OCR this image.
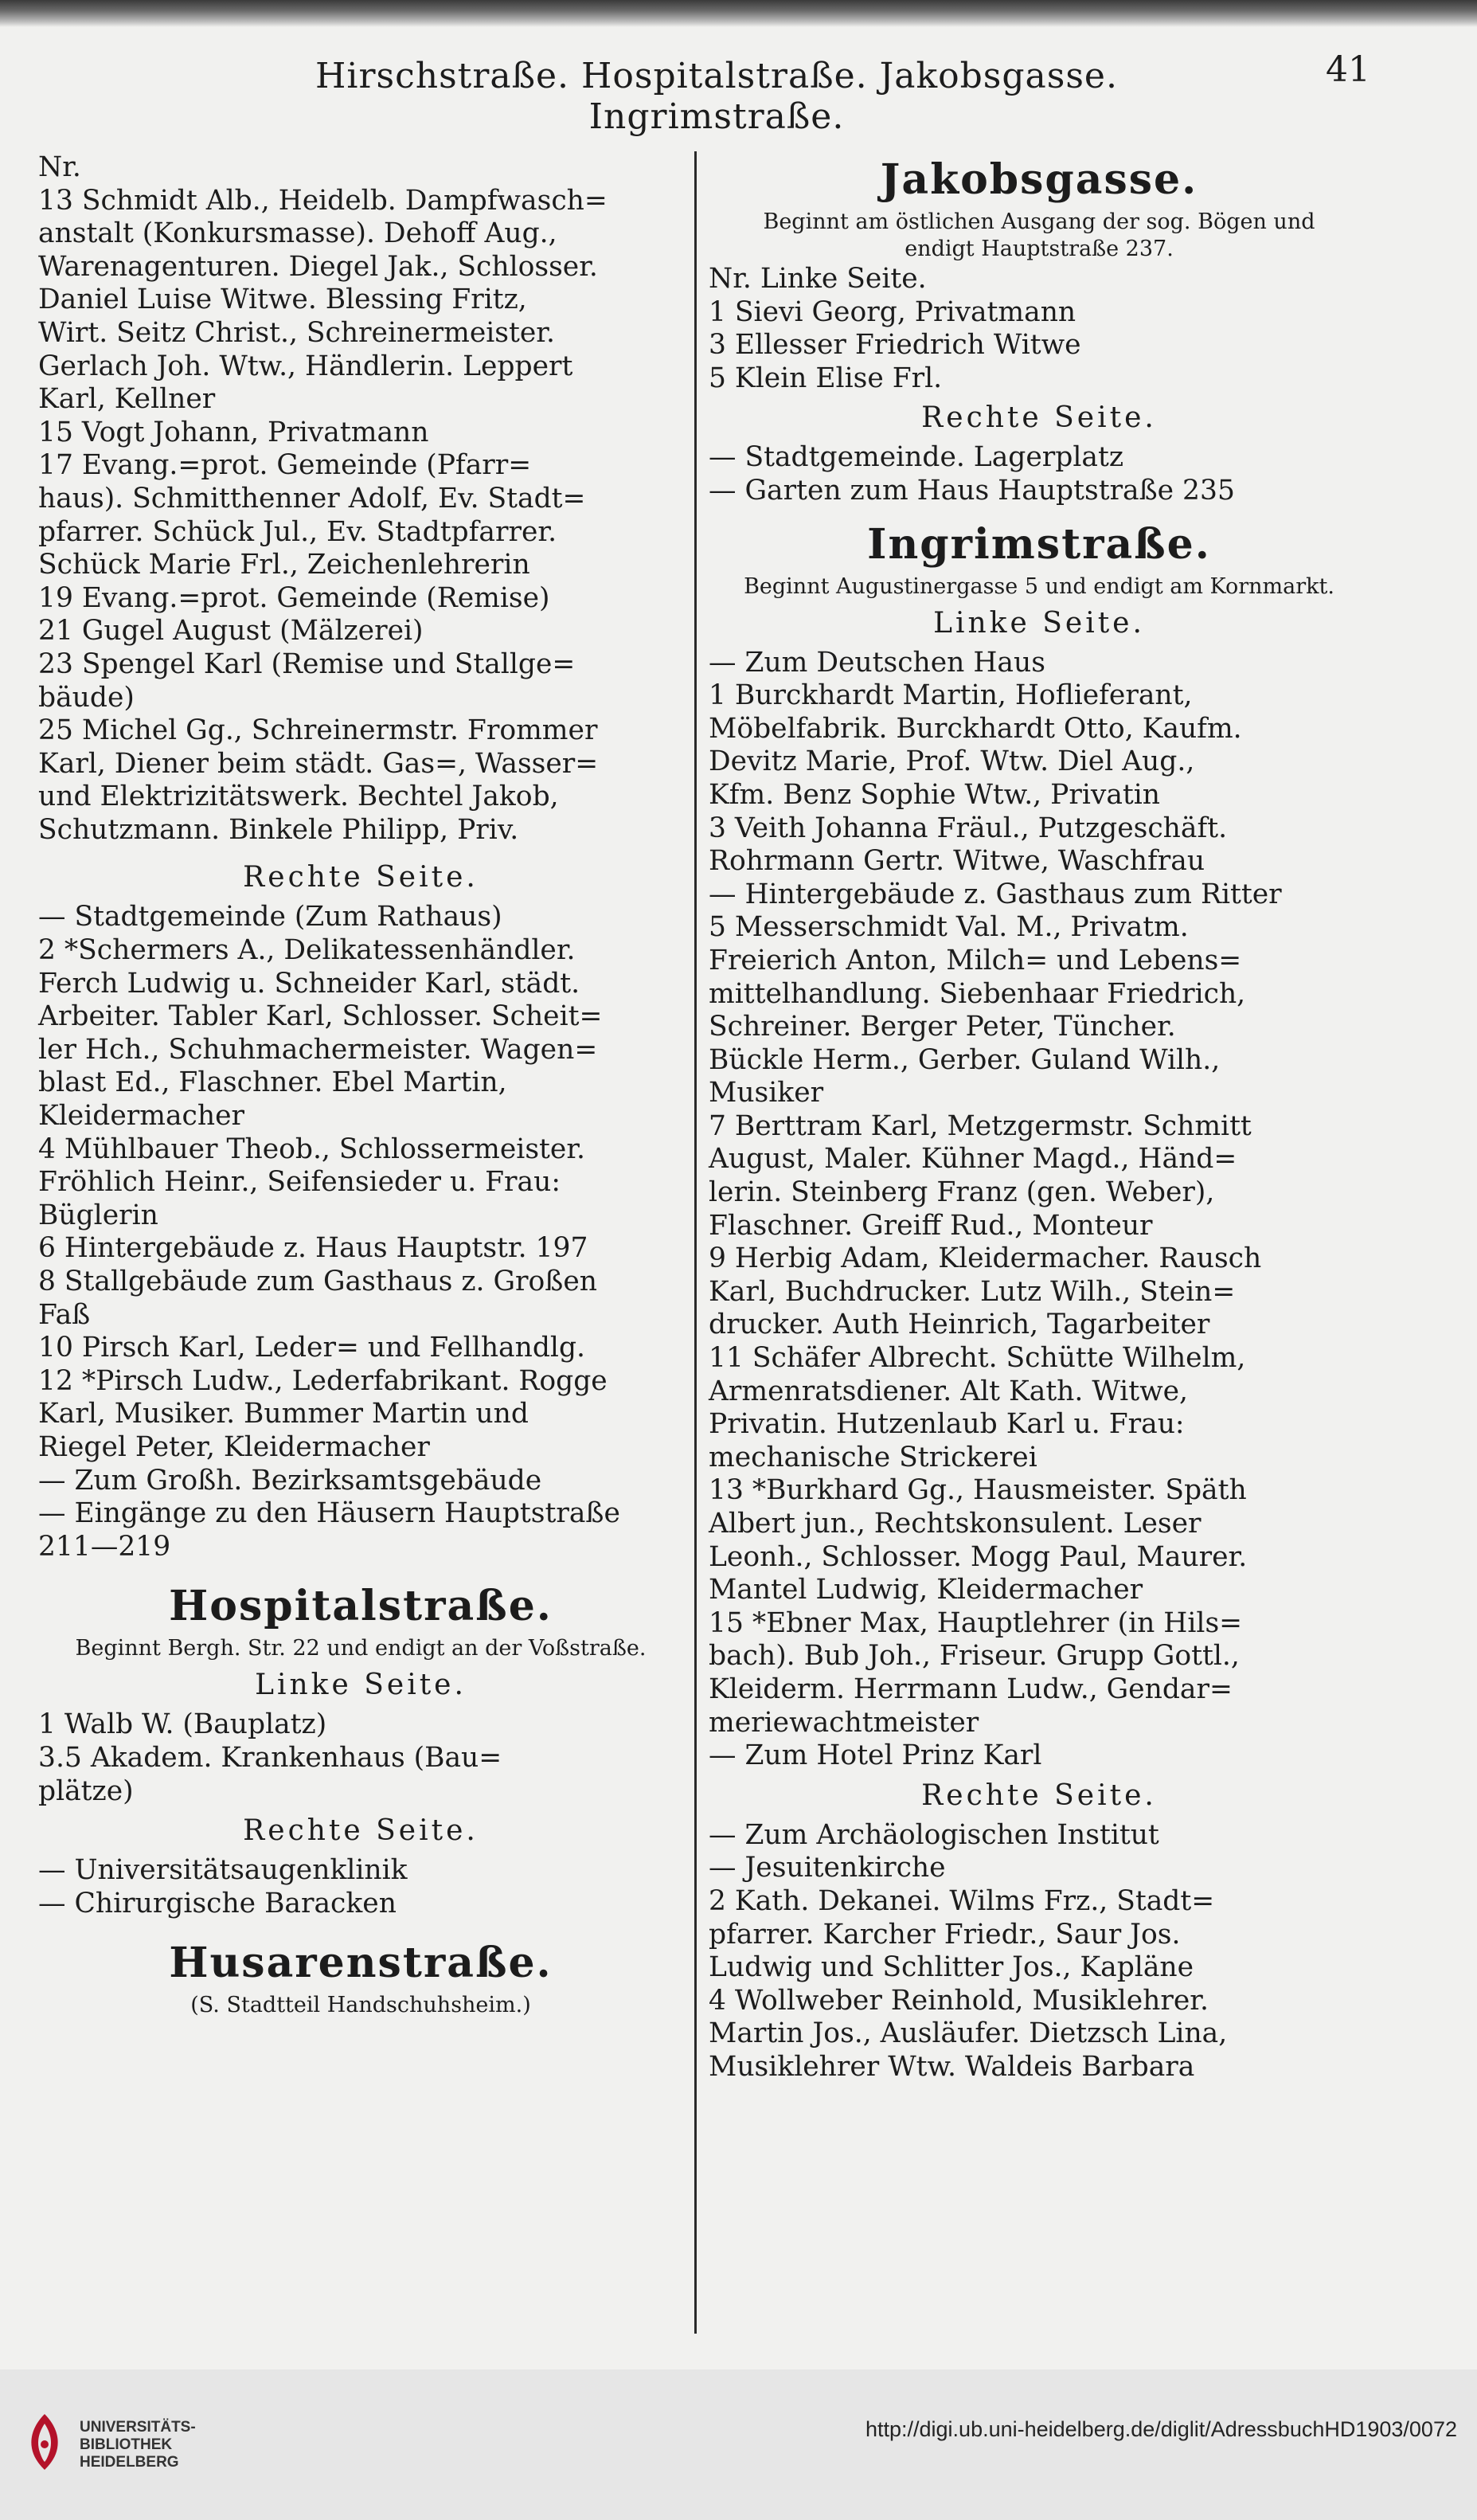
Hirschstraße. Hospitalstraße. Jakobsgasse. Ingrimstraße.
41
Nr.
13 Schmidt Alb., Heidelb. Dampfwasch=
anstalt (Konkursmasse). Dehoff Aug.,
Warenagenturen. Diegel Jak., Schlosser.
Daniel Luise Witwe. Blessing Fritz,
Wirt. Seitz Christ., Schreinermeister.
Gerlach Joh. Wtw., Händlerin. Leppert
Karl, Kellner
15 Vogt Johann, Privatmann
17 Evang.=prot. Gemeinde (Pfarr=
haus). Schmitthenner Adolf, Ev. Stadt=
pfarrer. Schück Jul., Ev. Stadtpfarrer.
Schück Marie Frl., Zeichenlehrerin
19 Evang.=prot. Gemeinde (Remise)
21 Gugel August (Mälzerei)
23 Spengel Karl (Remise und Stallge=
bäude)
25 Michel Gg., Schreinermstr. Frommer
Karl, Diener beim städt. Gas=, Wasser=
und Elektrizitätswerk. Bechtel Jakob,
Schutzmann. Binkele Philipp, Priv.
Rechte Seite.
— Stadtgemeinde (Zum Rathaus)
2 *Schermers A., Delikatessenhändler.
Ferch Ludwig u. Schneider Karl, städt.
Arbeiter. Tabler Karl, Schlosser. Scheit=
ler Hch., Schuhmachermeister. Wagen=
blast Ed., Flaschner. Ebel Martin,
Kleidermacher
4 Mühlbauer Theob., Schlossermeister.
Fröhlich Heinr., Seifensieder u. Frau:
Büglerin
6 Hintergebäude z. Haus Hauptstr. 197
8 Stallgebäude zum Gasthaus z. Großen
Faß
10 Pirsch Karl, Leder= und Fellhandlg.
12 *Pirsch Ludw., Lederfabrikant. Rogge
Karl, Musiker. Bummer Martin und
Riegel Peter, Kleidermacher
— Zum Großh. Bezirksamtsgebäude
— Eingänge zu den Häusern Hauptstraße
211—219
Hospitalstraße.
Beginnt Bergh. Str. 22 und endigt an der Voßstraße.
Linke Seite.
1 Walb W. (Bauplatz)
3.5 Akadem. Krankenhaus (Bau=
plätze)
Rechte Seite.
— Universitätsaugenklinik
— Chirurgische Baracken
Husarenstraße.
(S. Stadtteil Handschuhsheim.)
Jakobsgasse.
Beginnt am östlichen Ausgang der sog. Bögen und
endigt Hauptstraße 237.
Nr. Linke Seite.
1 Sievi Georg, Privatmann
3 Ellesser Friedrich Witwe
5 Klein Elise Frl.
Rechte Seite.
— Stadtgemeinde. Lagerplatz
— Garten zum Haus Hauptstraße 235
Ingrimstraße.
Beginnt Augustinergasse 5 und endigt am Kornmarkt.
Linke Seite.
— Zum Deutschen Haus
1 Burckhardt Martin, Hoflieferant,
Möbelfabrik. Burckhardt Otto, Kaufm.
Devitz Marie, Prof. Wtw. Diel Aug.,
Kfm. Benz Sophie Wtw., Privatin
3 Veith Johanna Fräul., Putzgeschäft.
Rohrmann Gertr. Witwe, Waschfrau
— Hintergebäude z. Gasthaus zum Ritter
5 Messerschmidt Val. M., Privatm.
Freierich Anton, Milch= und Lebens=
mittelhandlung. Siebenhaar Friedrich,
Schreiner. Berger Peter, Tüncher.
Bückle Herm., Gerber. Guland Wilh.,
Musiker
7 Berttram Karl, Metzgermstr. Schmitt
August, Maler. Kühner Magd., Händ=
lerin. Steinberg Franz (gen. Weber),
Flaschner. Greiff Rud., Monteur
9 Herbig Adam, Kleidermacher. Rausch
Karl, Buchdrucker. Lutz Wilh., Stein=
drucker. Auth Heinrich, Tagarbeiter
11 Schäfer Albrecht. Schütte Wilhelm,
Armenratsdiener. Alt Kath. Witwe,
Privatin. Hutzenlaub Karl u. Frau:
mechanische Strickerei
13 *Burkhard Gg., Hausmeister. Späth
Albert jun., Rechtskonsulent. Leser
Leonh., Schlosser. Mogg Paul, Maurer.
Mantel Ludwig, Kleidermacher
15 *Ebner Max, Hauptlehrer (in Hils=
bach). Bub Joh., Friseur. Grupp Gottl.,
Kleiderm. Herrmann Ludw., Gendar=
meriewachtmeister
— Zum Hotel Prinz Karl
Rechte Seite.
— Zum Archäologischen Institut
— Jesuitenkirche
2 Kath. Dekanei. Wilms Frz., Stadt=
pfarrer. Karcher Friedr., Saur Jos.
Ludwig und Schlitter Jos., Kapläne
4 Wollweber Reinhold, Musiklehrer.
Martin Jos., Ausläufer. Dietzsch Lina,
Musiklehrer Wtw. Waldeis Barbara
UNIVERSITÄTS-
BIBLIOTHEK
HEIDELBERG
http://digi.ub.uni-heidelberg.de/diglit/AdressbuchHD1903/0072
